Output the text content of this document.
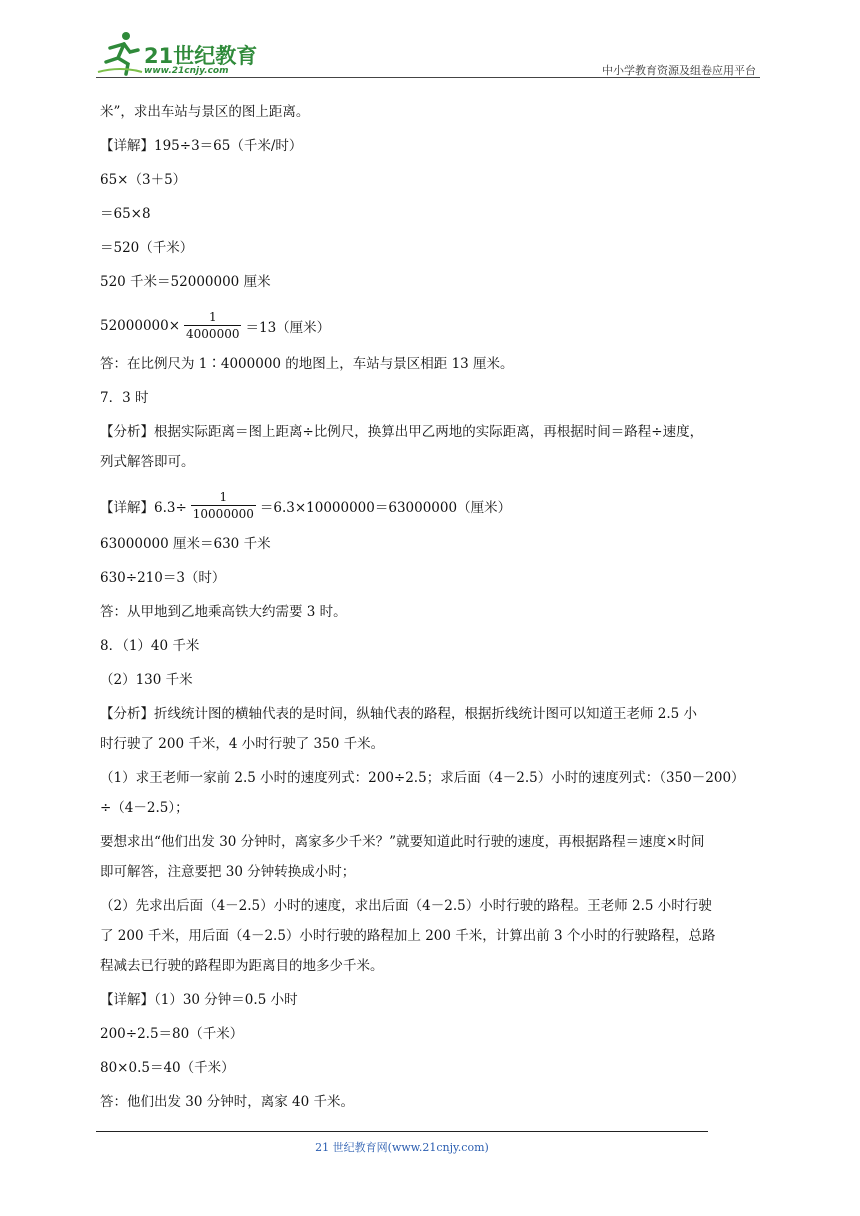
21世纪教育
www.21cnjy.com	中小学教育资源及组卷应用平台
米”，求出车站与景区的图上距离。
【详解】195÷3＝65（千米/时）
65×（3＋5）
＝65×8
＝520（千米）
520 千米＝52000000 厘米
$52000000\times \frac{1}{4000000} =13$（厘米）
答：在比例尺为 1∶4000000 的地图上，车站与景区相距 13 厘米。
7．3 时
【分析】根据实际距离＝图上距离÷比例尺，换算出甲乙两地的实际距离，再根据时间＝路程÷速度，
列式解答即可。
【详解】$6.3\div \frac{1}{10000000} =6.3\times 10000000=63000000$（厘米）
63000000 厘米＝630 千米
630÷210＝3（时）
答：从甲地到乙地乘高铁大约需要 3 时。
8．（1）40 千米
（2）130 千米
【分析】折线统计图的横轴代表的是时间，纵轴代表的路程，根据折线统计图可以知道王老师 2.5 小
时行驶了 200 千米，4 小时行驶了 350 千米。
（1）求王老师一家前 2.5 小时的速度列式：200÷2.5；求后面（4－2.5）小时的速度列式：（350－200）
÷（4－2.5）；
要想求出“他们出发 30 分钟时，离家多少千米？”就要知道此时行驶的速度，再根据路程＝速度×时间
即可解答，注意要把 30 分钟转换成小时；
（2）先求出后面（4－2.5）小时的速度，求出后面（4－2.5）小时行驶的路程。王老师 2.5 小时行驶
了 200 千米，用后面（4－2.5）小时行驶的路程加上 200 千米，计算出前 3 个小时的行驶路程，总路
程减去已行驶的路程即为距离目的地多少千米。
【详解】（1）30 分钟＝0.5 小时
200÷2.5＝80（千米）
80×0.5＝40（千米）
答：他们出发 30 分钟时，离家 40 千米。
21 世纪教育网(www.21cnjy.com)
